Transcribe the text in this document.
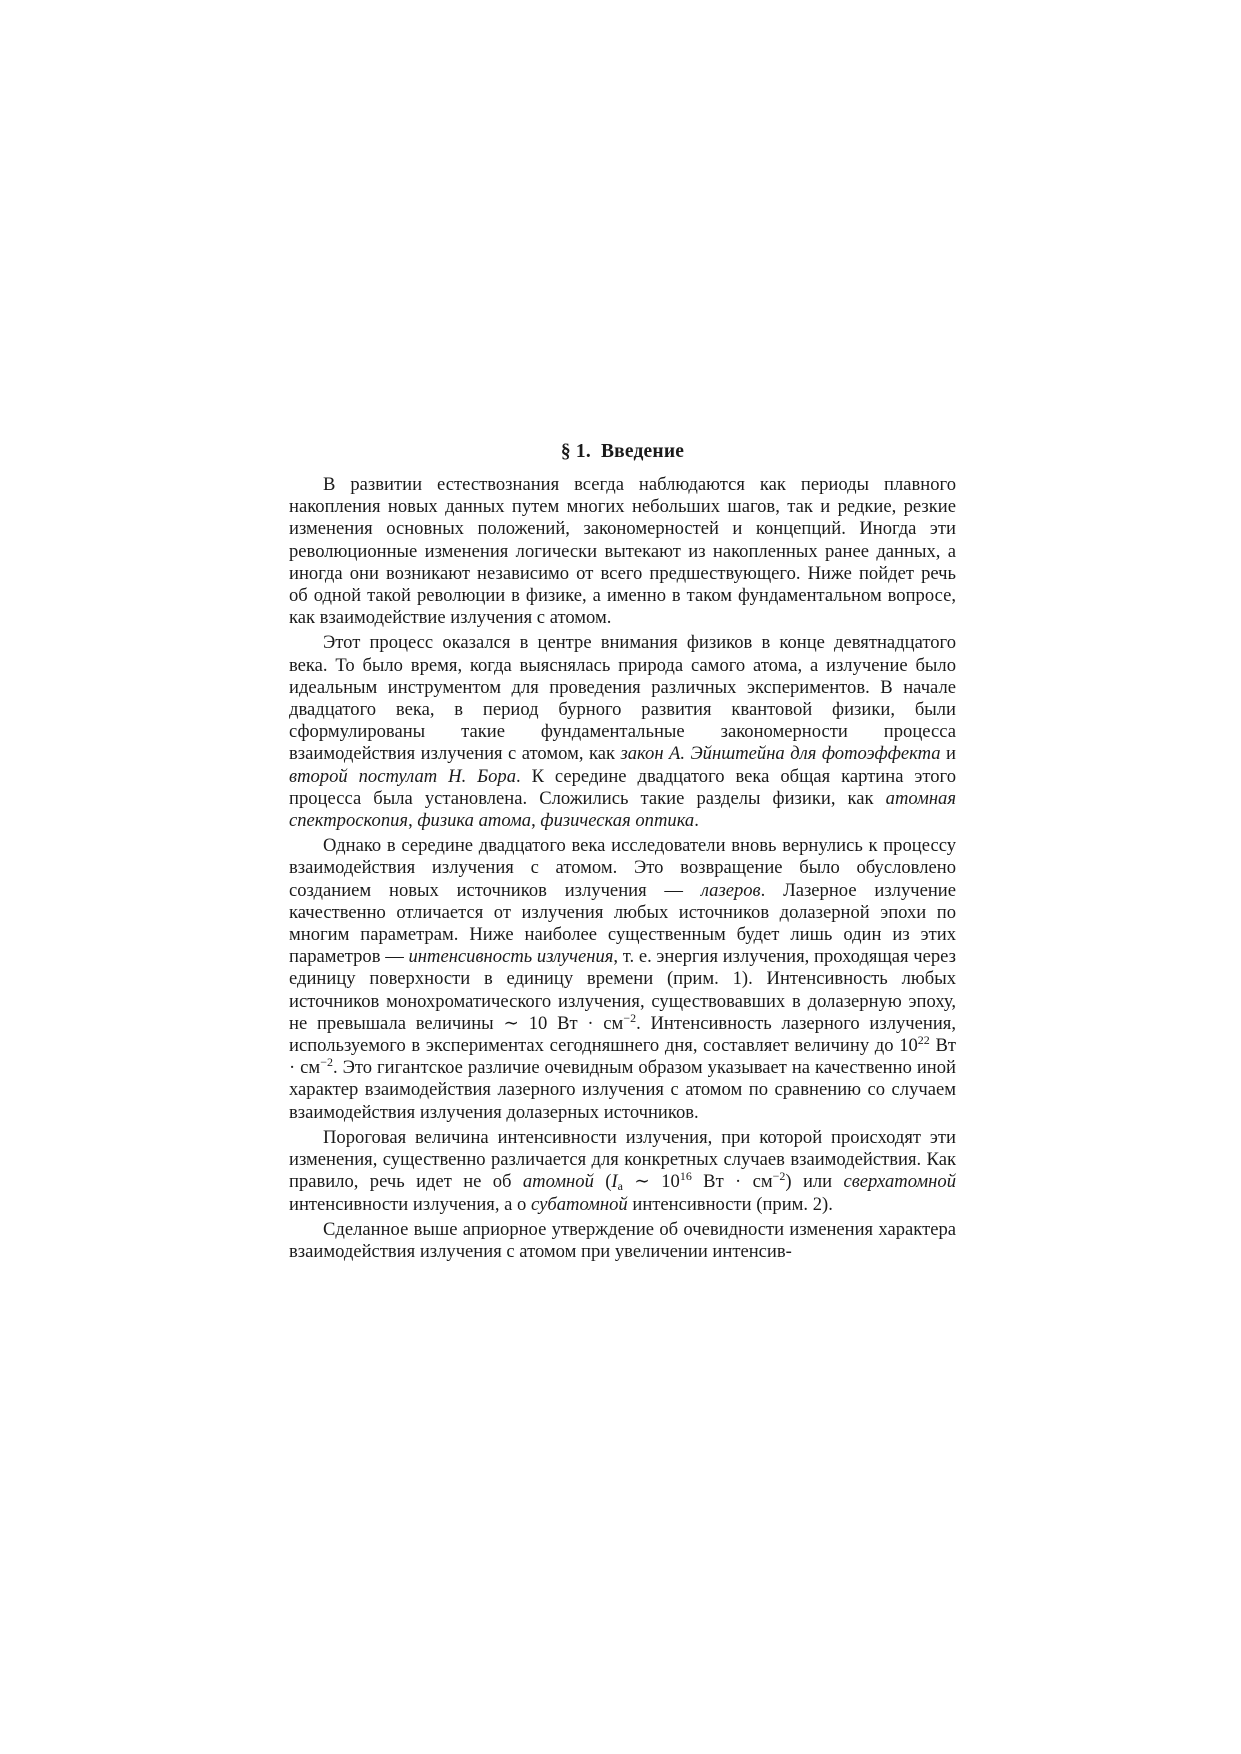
§ 1. Введение

В развитии естествознания всегда наблюдаются как периоды плавного накопления новых данных путем многих небольших шагов, так и редкие, резкие изменения основных положений, закономерностей и концепций. Иногда эти революционные изменения логически вытекают из накопленных ранее данных, а иногда они возникают независимо от всего предшествующего. Ниже пойдет речь об одной такой революции в физике, а именно в таком фундаментальном вопросе, как взаимодействие излучения с атомом.

Этот процесс оказался в центре внимания физиков в конце девятнадцатого века. То было время, когда выяснялась природа самого атома, а излучение было идеальным инструментом для проведения различных экспериментов. В начале двадцатого века, в период бурного развития квантовой физики, были сформулированы такие фундаментальные закономерности процесса взаимодействия излучения с атомом, как закон А. Эйнштейна для фотоэффекта и второй постулат Н. Бора. К середине двадцатого века общая картина этого процесса была установлена. Сложились такие разделы физики, как атомная спектроскопия, физика атома, физическая оптика.

Однако в середине двадцатого века исследователи вновь вернулись к процессу взаимодействия излучения с атомом. Это возвращение было обусловлено созданием новых источников излучения — лазеров. Лазерное излучение качественно отличается от излучения любых источников долазерной эпохи по многим параметрам. Ниже наиболее существенным будет лишь один из этих параметров — интенсивность излучения, т. е. энергия излучения, проходящая через единицу поверхности в единицу времени (прим. 1). Интенсивность любых источников монохроматического излучения, существовавших в долазерную эпоху, не превышала величины ∼ 10 Вт · $см^{-2}$. Интенсивность лазерного излучения, используемого в экспериментах сегодняшнего дня, составляет величину до $10^{22}$ Вт · $см^{-2}$. Это гигантское различие очевидным образом указывает на качественно иной характер взаимодействия лазерного излучения с атомом по сравнению со случаем взаимодействия излучения долазерных источников.

Пороговая величина интенсивности излучения, при которой происходят эти изменения, существенно различается для конкретных случаев взаимодействия. Как правило, речь идет не об атомной ($I_a$ ∼ $10^{16}$ Вт · $см^{-2}$) или сверхатомной интенсивности излучения, а о субатомной интенсивности (прим. 2).

Сделанное выше априорное утверждение об очевидности изменения характера взаимодействия излучения с атомом при увеличении интенсив-
